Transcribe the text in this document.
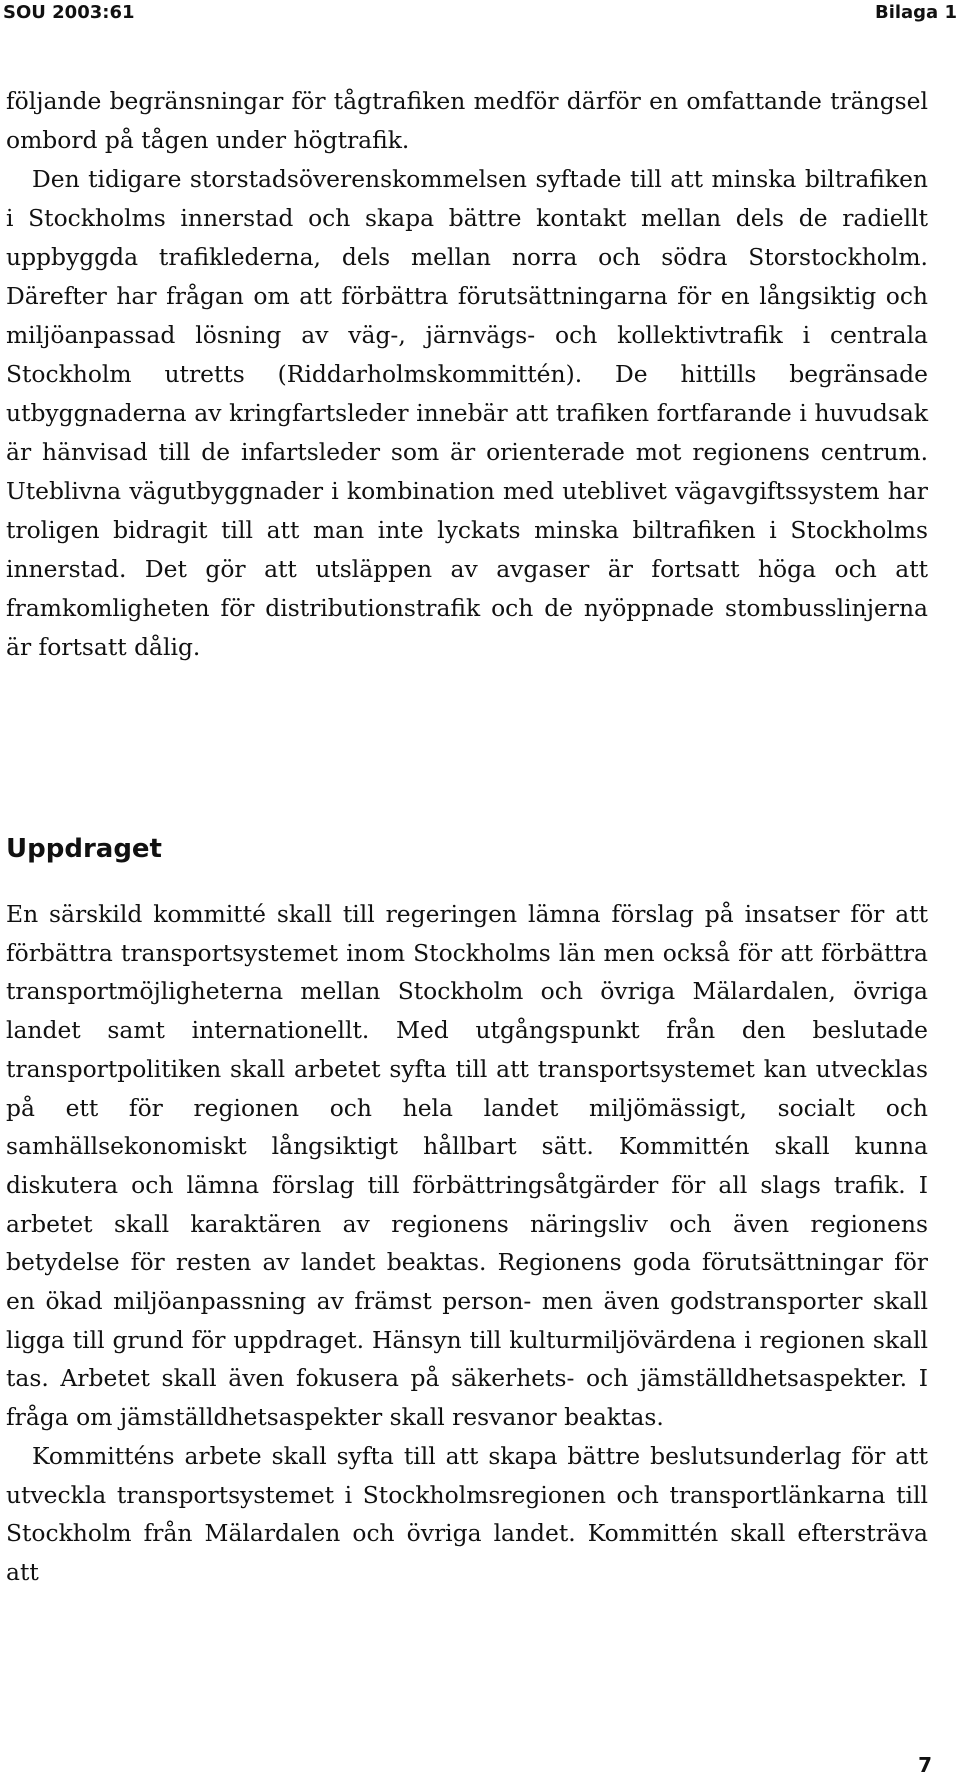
SOU 2003:61	Bilaga 1

följande begränsningar för tågtrafiken medför därför en omfattande trängsel ombord på tågen under högtrafik.

Den tidigare storstadsöverenskommelsen syftade till att minska biltrafiken i Stockholms innerstad och skapa bättre kontakt mellan dels de radiellt uppbyggda trafiklederna, dels mellan norra och södra Storstockholm. Därefter har frågan om att förbättra förutsättningarna för en långsiktig och miljöanpassad lösning av väg-, järnvägs- och kollektivtrafik i centrala Stockholm utretts (Riddarholmskommittén). De hittills begränsade utbyggnaderna av kringfartsleder innebär att trafiken fortfarande i huvudsak är hänvisad till de infartsleder som är orienterade mot regionens centrum. Uteblivna vägutbyggnader i kombination med uteblivet vägavgiftssystem har troligen bidragit till att man inte lyckats minska biltrafiken i Stockholms innerstad. Det gör att utsläppen av avgaser är fortsatt höga och att framkomligheten för distributionstrafik och de nyöppnade stombusslinjerna är fortsatt dålig.

Uppdraget

En särskild kommitté skall till regeringen lämna förslag på insatser för att förbättra transportsystemet inom Stockholms län men också för att förbättra transportmöjligheterna mellan Stockholm och övriga Mälardalen, övriga landet samt internationellt. Med utgångspunkt från den beslutade transportpolitiken skall arbetet syfta till att transportsystemet kan utvecklas på ett för regionen och hela landet miljömässigt, socialt och samhällsekonomiskt långsiktigt hållbart sätt. Kommittén skall kunna diskutera och lämna förslag till förbättringsåtgärder för all slags trafik. I arbetet skall karaktären av regionens näringsliv och även regionens betydelse för resten av landet beaktas. Regionens goda förutsättningar för en ökad miljöanpassning av främst person- men även godstransporter skall ligga till grund för uppdraget. Hänsyn till kulturmiljövärdena i regionen skall tas. Arbetet skall även fokusera på säkerhets- och jämställdhetsaspekter. I fråga om jämställdhetsaspekter skall resvanor beaktas.

Kommitténs arbete skall syfta till att skapa bättre beslutsunderlag för att utveckla transportsystemet i Stockholmsregionen och transportlänkarna till Stockholm från Mälardalen och övriga landet. Kommittén skall eftersträva att

7
